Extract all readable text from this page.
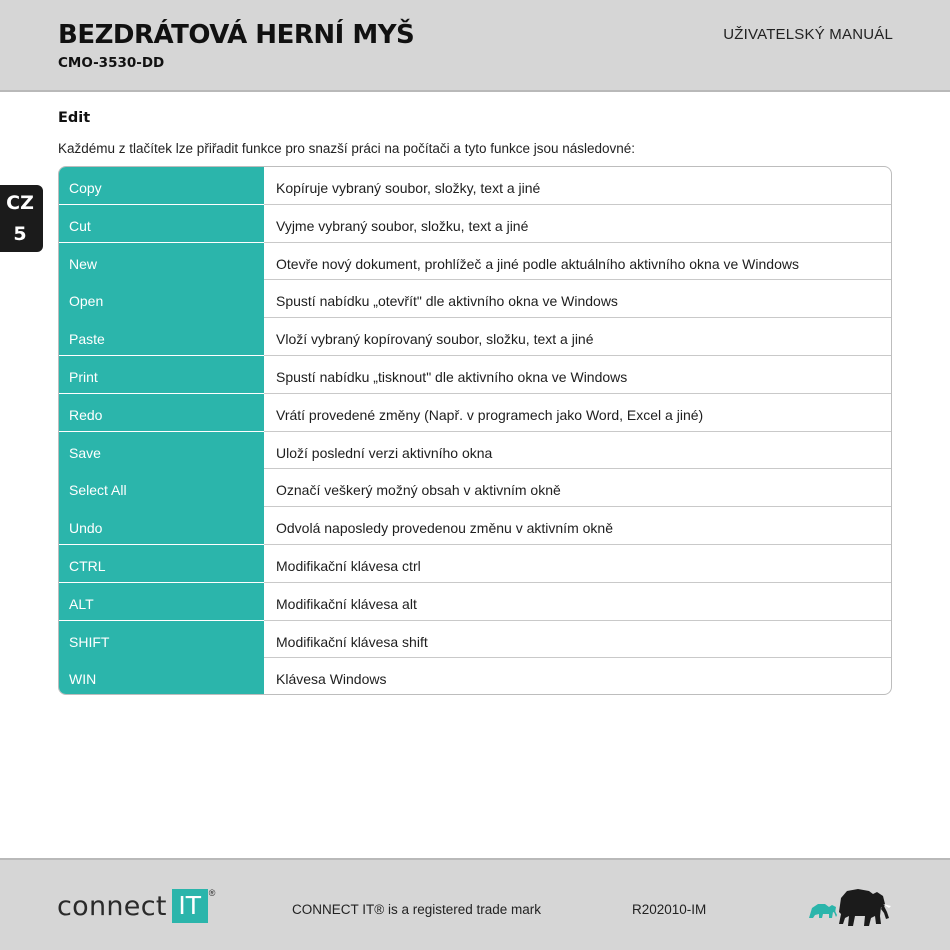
BEZDRÁTOVÁ HERNÍ MYŠ
CMO-3530-DD
UŽIVATELSKÝ MANUÁL
CZ
5
Edit
Každému z tlačítek lze přiřadit funkce pro snazší práci na počítači a tyto funkce jsou následovné:
Copy	Kopíruje vybraný soubor, složky, text a jiné
Cut	Vyjme vybraný soubor, složku, text a jiné
New	Otevře nový dokument, prohlížeč a jiné podle aktuálního aktivního okna ve Windows
Open	Spustí nabídku „otevřít" dle aktivního okna ve Windows
Paste	Vloží vybraný kopírovaný soubor, složku, text a jiné
Print	Spustí nabídku „tisknout" dle aktivního okna ve Windows
Redo	Vrátí provedené změny (Např. v programech jako Word, Excel a jiné)
Save	Uloží poslední verzi aktivního okna
Select All	Označí veškerý možný obsah v aktivním okně
Undo	Odvolá naposledy provedenou změnu v aktivním okně
CTRL	Modifikační klávesa ctrl
ALT	Modifikační klávesa alt
SHIFT	Modifikační klávesa shift
WIN	Klávesa Windows
connect IT ®
CONNECT IT® is a registered trade mark	R202010-IM
